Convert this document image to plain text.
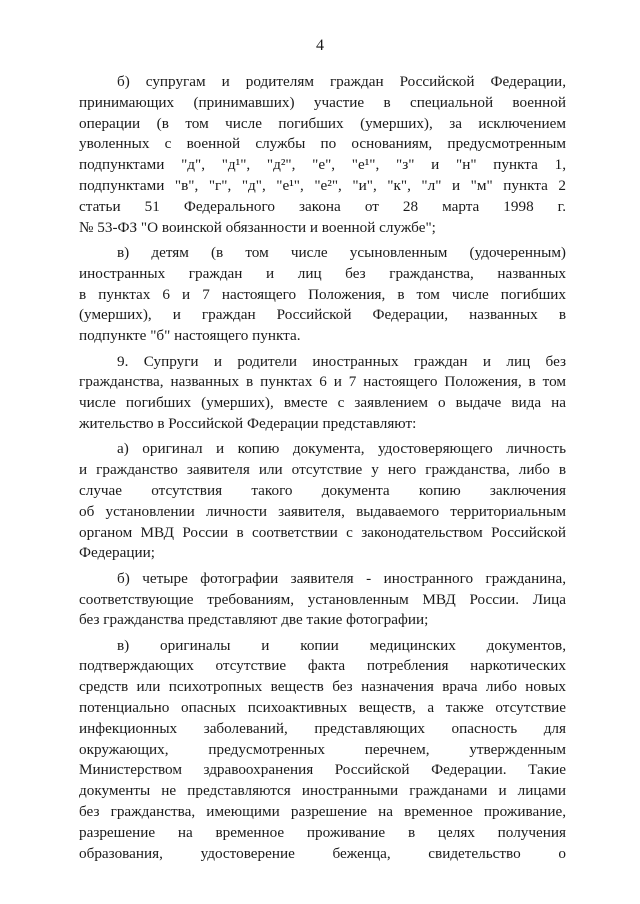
4
б) супругам и родителям граждан Российской Федерации,
принимающих (принимавших) участие в специальной военной
операции (в том числе погибших (умерших), за исключением
уволенных с военной службы по основаниям, предусмотренным
подпунктами "д", "д¹", "д²", "е", "е¹", "з" и "н" пункта 1,
подпунктами "в", "г", "д", "е¹", "е²", "и", "к", "л" и "м" пункта 2
статьи 51 Федерального закона от 28 марта 1998 г.
№ 53-ФЗ "О воинской обязанности и военной службе";
в) детям (в том числе усыновленным (удочеренным)
иностранных граждан и лиц без гражданства, названных
в пунктах 6 и 7 настоящего Положения, в том числе погибших
(умерших), и граждан Российской Федерации, названных в
подпункте "б" настоящего пункта.
9. Супруги и родители иностранных граждан и лиц без
гражданства, названных в пунктах 6 и 7 настоящего Положения, в том
числе погибших (умерших), вместе с заявлением о выдаче вида на
жительство в Российской Федерации представляют:
а) оригинал и копию документа, удостоверяющего личность
и гражданство заявителя или отсутствие у него гражданства, либо в
случае отсутствия такого документа копию заключения
об установлении личности заявителя, выдаваемого территориальным
органом МВД России в соответствии с законодательством Российской
Федерации;
б) четыре фотографии заявителя - иностранного гражданина,
соответствующие требованиям, установленным МВД России. Лица
без гражданства представляют две такие фотографии;
в) оригиналы и копии медицинских документов,
подтверждающих отсутствие факта потребления наркотических
средств или психотропных веществ без назначения врача либо новых
потенциально опасных психоактивных веществ, а также отсутствие
инфекционных заболеваний, представляющих опасность для
окружающих, предусмотренных перечнем, утвержденным
Министерством здравоохранения Российской Федерации. Такие
документы не представляются иностранными гражданами и лицами
без гражданства, имеющими разрешение на временное проживание,
разрешение на временное проживание в целях получения
образования, удостоверение беженца, свидетельство о
